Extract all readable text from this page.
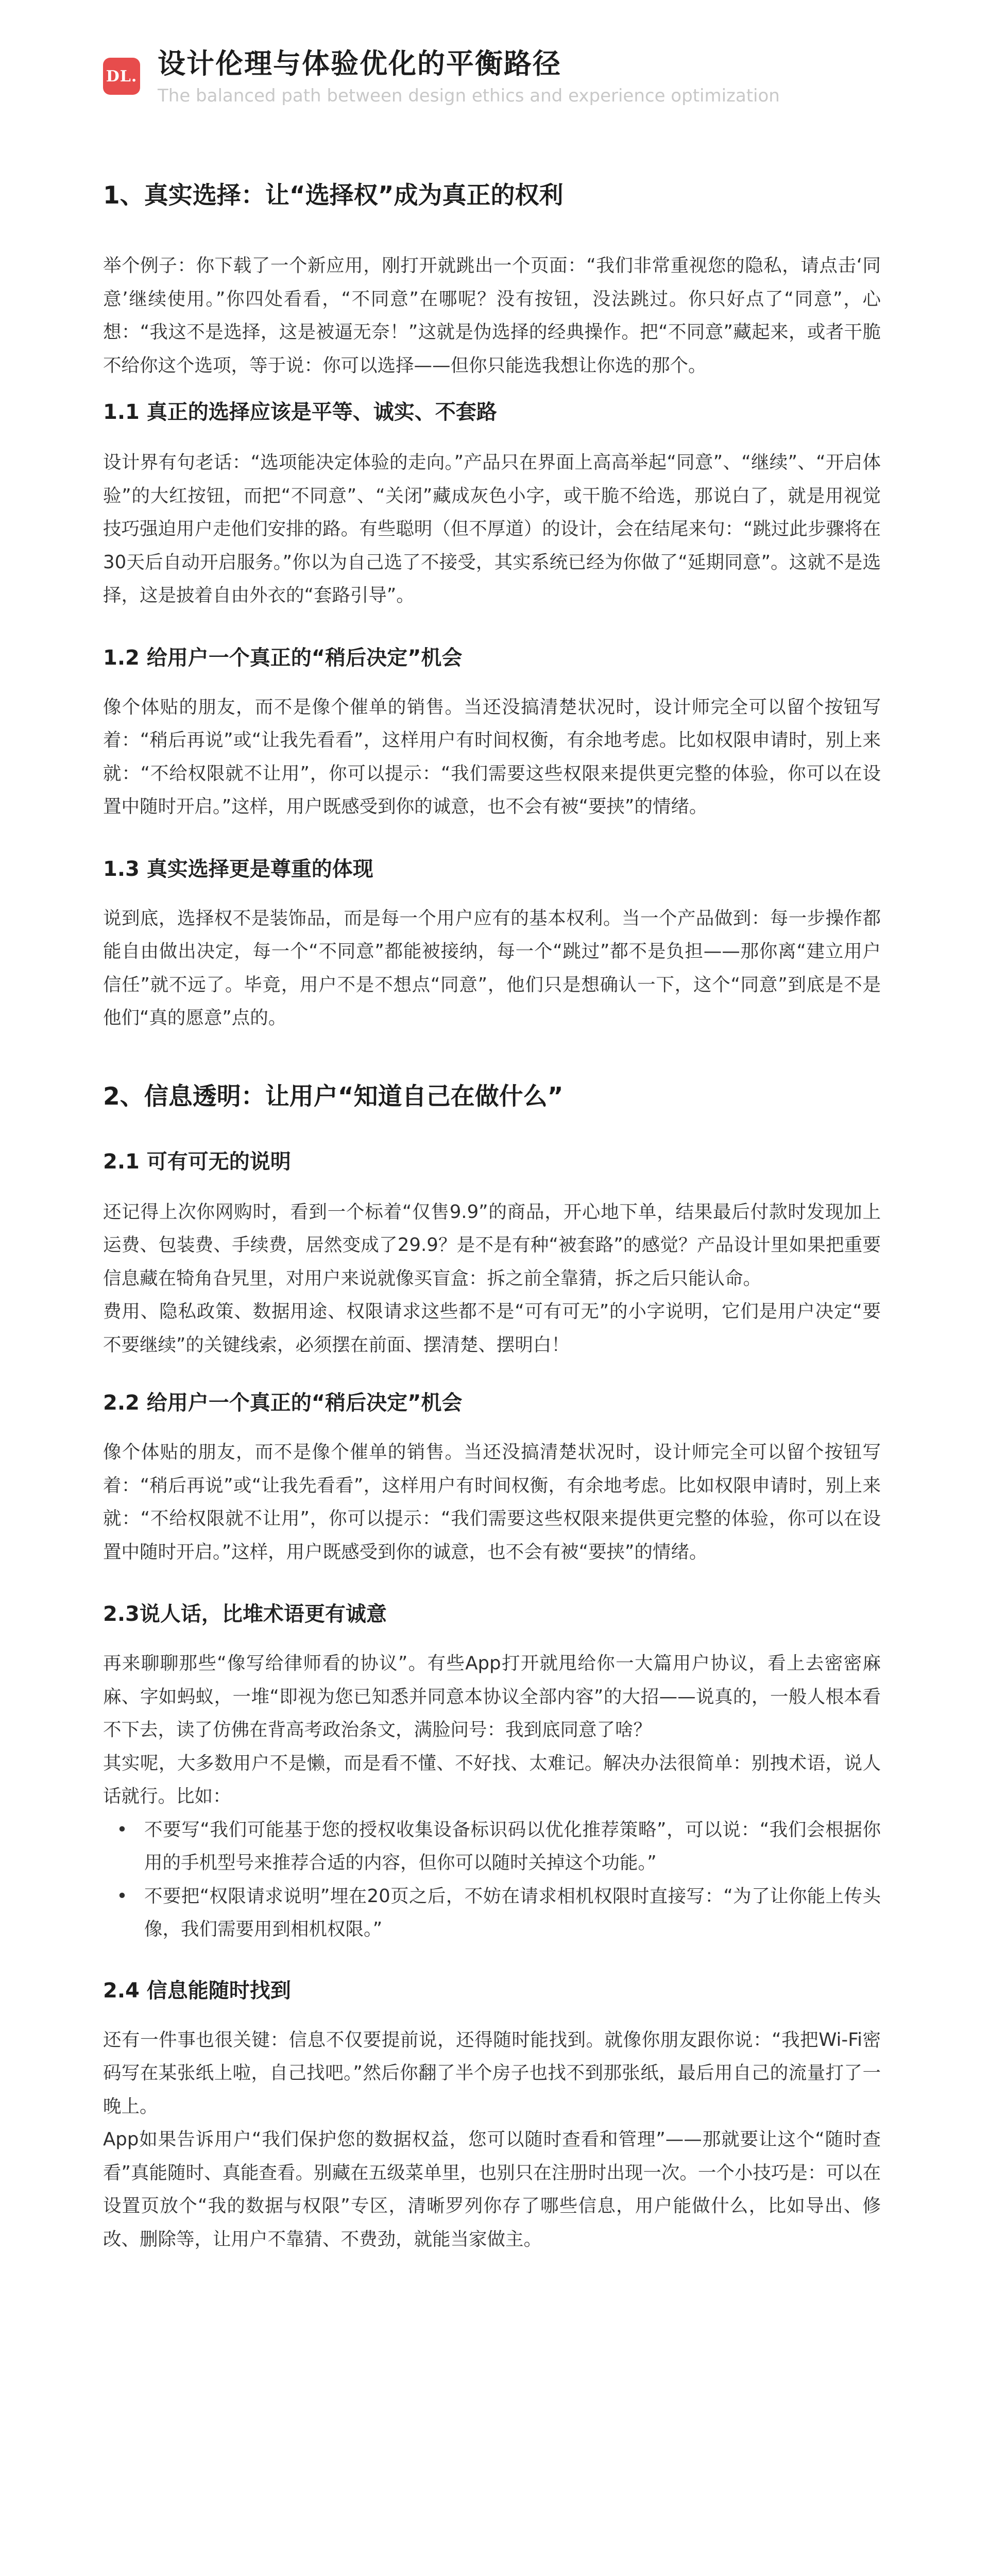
DL. 设计伦理与体验优化的平衡路径
The balanced path between design ethics and experience optimization
1、真实选择：让“选择权”成为真正的权利

举个例子：你下载了一个新应用，刚打开就跳出一个页面：“我们非常重视您的隐私，请点击‘同意’继续使用。”你四处看看，“不同意”在哪呢？没有按钮，没法跳过。你只好点了“同意”，心想：“我这不是选择，这是被逼无奈！”这就是伪选择的经典操作。把“不同意”藏起来，或者干脆不给你这个选项，等于说：你可以选择——但你只能选我想让你选的那个。

1.1 真正的选择应该是平等、诚实、不套路

设计界有句老话：“选项能决定体验的走向。”产品只在界面上高高举起“同意”、“继续”、“开启体验”的大红按钮，而把“不同意”、“关闭”藏成灰色小字，或干脆不给选，那说白了，就是用视觉技巧强迫用户走他们安排的路。有些聪明（但不厚道）的设计，会在结尾来句：“跳过此步骤将在30天后自动开启服务。”你以为自己选了不接受，其实系统已经为你做了“延期同意”。这就不是选择，这是披着自由外衣的“套路引导”。

1.2 给用户一个真正的“稍后决定”机会

像个体贴的朋友，而不是像个催单的销售。当还没搞清楚状况时，设计师完全可以留个按钮写着：“稍后再说”或“让我先看看”，这样用户有时间权衡，有余地考虑。比如权限申请时，别上来就：“不给权限就不让用”，你可以提示：“我们需要这些权限来提供更完整的体验，你可以在设置中随时开启。”这样，用户既感受到你的诚意，也不会有被“要挟”的情绪。

1.3 真实选择更是尊重的体现

说到底，选择权不是装饰品，而是每一个用户应有的基本权利。当一个产品做到：每一步操作都能自由做出决定，每一个“不同意”都能被接纳，每一个“跳过”都不是负担——那你离“建立用户信任”就不远了。毕竟，用户不是不想点“同意”，他们只是想确认一下，这个“同意”到底是不是他们“真的愿意”点的。

2、信息透明：让用户“知道自己在做什么”
2.1 可有可无的说明

还记得上次你网购时，看到一个标着“仅售9.9”的商品，开心地下单，结果最后付款时发现加上运费、包装费、手续费，居然变成了29.9？是不是有种“被套路”的感觉？产品设计里如果把重要信息藏在犄角旮旯里，对用户来说就像买盲盒：拆之前全靠猜，拆之后只能认命。

费用、隐私政策、数据用途、权限请求这些都不是“可有可无”的小字说明，它们是用户决定“要不要继续”的关键线索，必须摆在前面、摆清楚、摆明白！

2.2 给用户一个真正的“稍后决定”机会

像个体贴的朋友，而不是像个催单的销售。当还没搞清楚状况时，设计师完全可以留个按钮写着：“稍后再说”或“让我先看看”，这样用户有时间权衡，有余地考虑。比如权限申请时，别上来就：“不给权限就不让用”，你可以提示：“我们需要这些权限来提供更完整的体验，你可以在设置中随时开启。”这样，用户既感受到你的诚意，也不会有被“要挟”的情绪。

2.3说人话，比堆术语更有诚意

再来聊聊那些“像写给律师看的协议”。有些App打开就甩给你一大篇用户协议，看上去密密麻麻、字如蚂蚁，一堆“即视为您已知悉并同意本协议全部内容”的大招——说真的，一般人根本看不下去，读了仿佛在背高考政治条文，满脸问号：我到底同意了啥？

其实呢，大多数用户不是懒，而是看不懂、不好找、太难记。解决办法很简单：别拽术语，说人话就行。比如：

• 不要写“我们可能基于您的授权收集设备标识码以优化推荐策略”，可以说：“我们会根据你用的手机型号来推荐合适的内容，但你可以随时关掉这个功能。”
• 不要把“权限请求说明”埋在20页之后，不妨在请求相机权限时直接写：“为了让你能上传头像，我们需要用到相机权限。”
2.4 信息能随时找到

还有一件事也很关键：信息不仅要提前说，还得随时能找到。就像你朋友跟你说：“我把Wi-Fi密码写在某张纸上啦，自己找吧。”然后你翻了半个房子也找不到那张纸，最后用自己的流量打了一晚上。

App如果告诉用户“我们保护您的数据权益，您可以随时查看和管理”——那就要让这个“随时查看”真能随时、真能查看。别藏在五级菜单里，也别只在注册时出现一次。一个小技巧是：可以在设置页放个“我的数据与权限”专区，清晰罗列你存了哪些信息，用户能做什么，比如导出、修改、删除等，让用户不靠猜、不费劲，就能当家做主。
